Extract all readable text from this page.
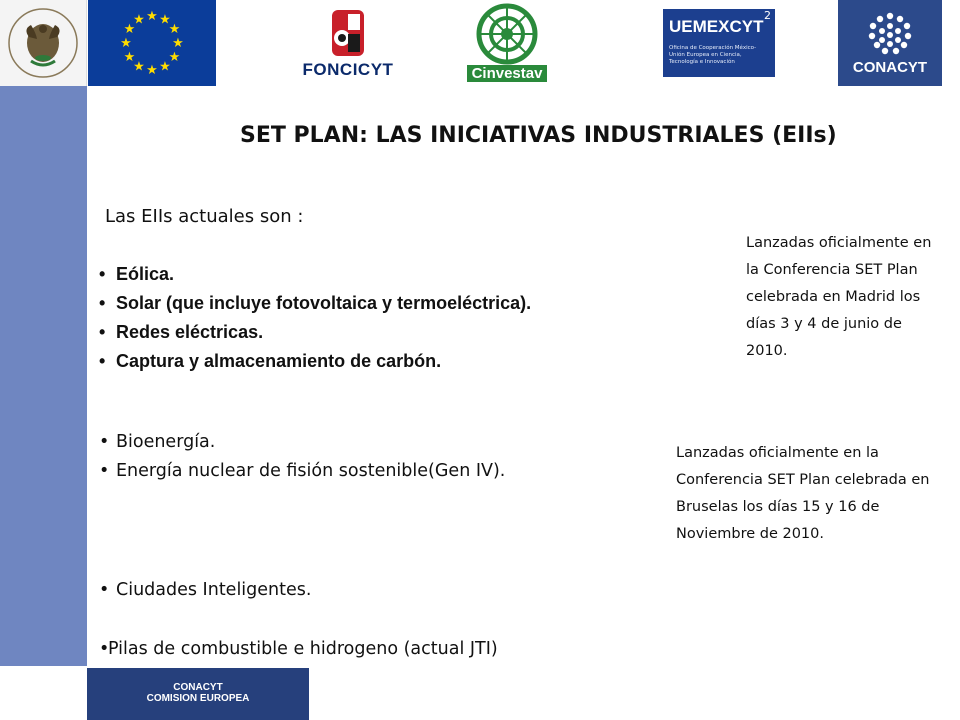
★ ★
★
★
★
★
★
★
★
★
★
★
FONCICYT	Cinvestav
UEMEXCYT
2
Oficina de Cooperación México-Unión Europea en Ciencia, Tecnología e Innovación	CONACYT
CONACYT
COMISION EUROPEA
SET PLAN: LAS INICIATIVAS INDUSTRIALES (EIIs)
Las EIIs actuales son :
• Eólica.
• Solar (que incluye fotovoltaica y termoeléctrica).
• Redes eléctricas.
• Captura y almacenamiento de carbón.
• Bioenergía.
• Energía nuclear de fisión sostenible(Gen IV).
• Ciudades Inteligentes.
• Pilas de combustible e hidrogeno (actual JTI)
Lanzadas oficialmente en la Conferencia SET Plan celebrada en Madrid los días 3 y 4 de junio de 2010.
Lanzadas oficialmente en la Conferencia SET Plan celebrada en Bruselas los días 15 y 16 de Noviembre de 2010.
